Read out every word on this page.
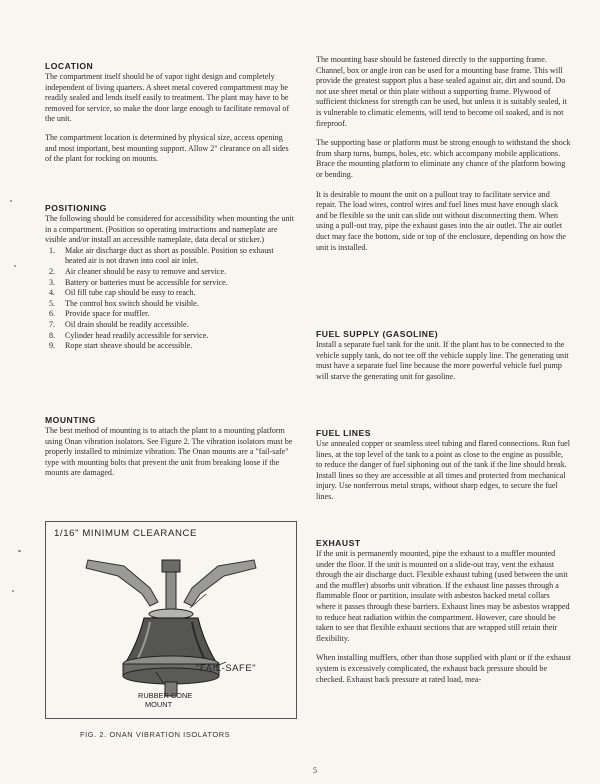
LOCATION

The compartment itself should be of vapor tight design and completely independent of living quarters. A sheet metal covered compartment may be readily sealed and lends itself easily to treatment. The plant may have to be removed for service, so make the door large enough to facilitate removal of the unit.

The compartment location is determined by physical size, access opening and most important, best mounting support. Allow 2" clearance on all sides of the plant for rocking on mounts.

POSITIONING

The following should be considered for accessibility when mounting the unit in a compartment. (Position so operating instructions and nameplate are visible and/or install an accessible nameplate, data decal or sticker.)

1. Make air discharge duct as short as possible. Position so exhaust heated air is not drawn into cool air inlet.
2. Air cleaner should be easy to remove and service.
3. Battery or batteries must be accessible for service.
4. Oil fill tube cap should be easy to reach.
5. The control box switch should be visible.
6. Provide space for muffler.
7. Oil drain should be readily accessible.
8. Cylinder head readily accessible for service.
9. Rope start sheave should be accessible.
MOUNTING

The best method of mounting is to attach the plant to a mounting platform using Onan vibration isolators. See Figure 2. The vibration isolators must be properly installed to minimize vibration. The Onan mounts are a "fail-safe" type with mounting bolts that prevent the unit from breaking loose if the mounts are damaged.

1/16" MINIMUM CLEARANCE
"FAIL-SAFE"
RUBBER CONE
MOUNT
FIG. 2. ONAN VIBRATION ISOLATORS

The mounting base should be fastened directly to the supporting frame. Channel, box or angle iron can be used for a mounting base frame. This will provide the greatest support plus a base sealed against air, dirt and sound. Do not use sheet metal or thin plate without a supporting frame. Plywood of sufficient thickness for strength can be used, but unless it is suitably sealed, it is vulnerable to climatic elements, will tend to become oil soaked, and is not fireproof.

The supporting base or platform must be strong enough to withstand the shock from sharp turns, bumps, holes, etc. which accompany mobile applications. Brace the mounting platform to eliminate any chance of the platform bowing or bending.

It is desirable to mount the unit on a pullout tray to facilitate service and repair. The load wires, control wires and fuel lines must have enough slack and be flexible so the unit can slide out without disconnecting them. When using a pull-out tray, pipe the exhaust gases into the air outlet. The air outlet duct may face the bottom, side or top of the enclosure, depending on how the unit is installed.

FUEL SUPPLY (GASOLINE)

Install a separate fuel tank for the unit. If the plant has to be connected to the vehicle supply tank, do not tee off the vehicle supply line. The generating unit must have a separate fuel line because the more powerful vehicle fuel pump will starve the generating unit for gasoline.

FUEL LINES

Use annealed copper or seamless steel tubing and flared connections. Run fuel lines, at the top level of the tank to a point as close to the engine as possible, to reduce the danger of fuel siphoning out of the tank if the line should break. Install lines so they are accessible at all times and protected from mechanical injury. Use nonferrous metal straps, without sharp edges, to secure the fuel lines.

EXHAUST

If the unit is permanently mounted, pipe the exhaust to a muffler mounted under the floor. If the unit is mounted on a slide-out tray, vent the exhaust through the air discharge duct. Flexible exhaust tubing (used between the unit and the muffler) absorbs unit vibration. If the exhaust line passes through a flammable floor or partition, insulate with asbestos backed metal collars where it passes through these barriers. Exhaust lines may be asbestos wrapped to reduce heat radiation within the compartment. However, care should be taken to see that flexible exhaust sections that are wrapped still retain their flexibility.

When installing mufflers, other than those supplied with plant or if the exhaust system is excessively complicated, the exhaust back pressure should be checked. Exhaust back pressure at rated load, mea-

5
